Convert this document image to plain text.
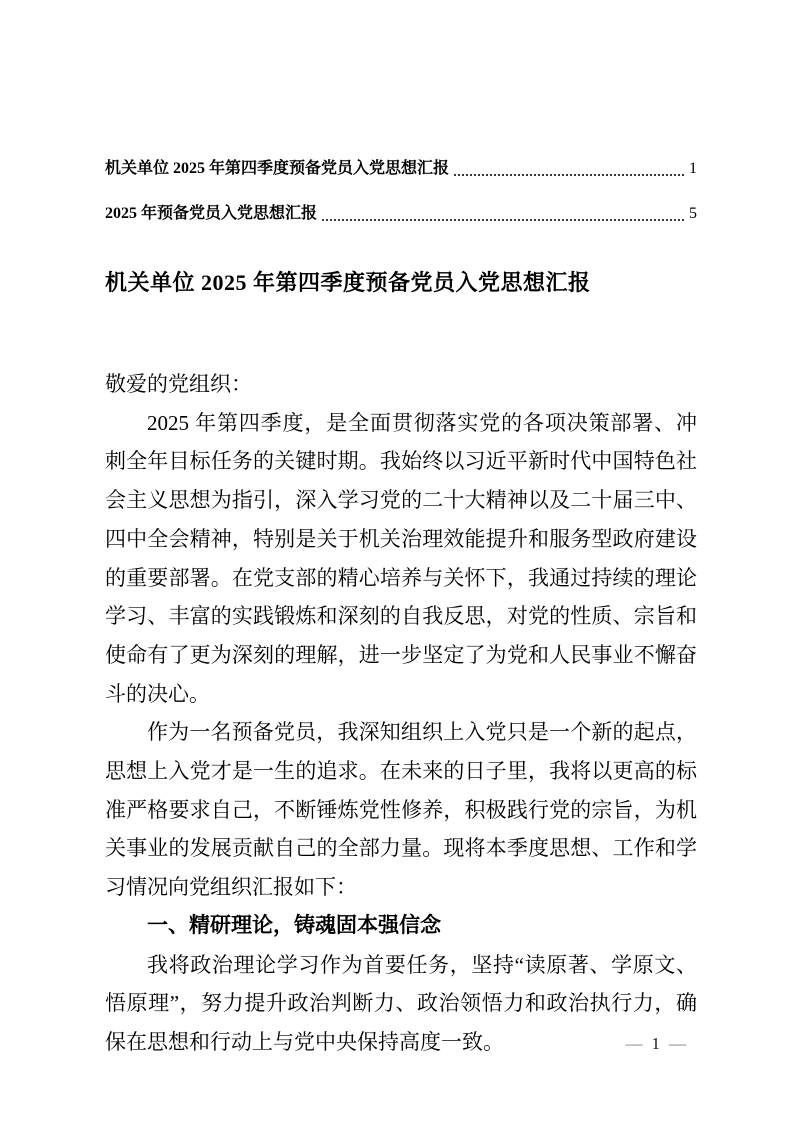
机关单位 2025 年第四季度预备党员入党思想汇报	1
2025 年预备党员入党思想汇报	5
机关单位 2025 年第四季度预备党员入党思想汇报

敬爱的党组织：

2025 年第四季度，是全面贯彻落实党的各项决策部署、冲刺全年目标任务的关键时期。我始终以习近平新时代中国特色社会主义思想为指引，深入学习党的二十大精神以及二十届三中、四中全会精神，特别是关于机关治理效能提升和服务型政府建设的重要部署。在党支部的精心培养与关怀下，我通过持续的理论学习、丰富的实践锻炼和深刻的自我反思，对党的性质、宗旨和使命有了更为深刻的理解，进一步坚定了为党和人民事业不懈奋斗的决心。

作为一名预备党员，我深知组织上入党只是一个新的起点，思想上入党才是一生的追求。在未来的日子里，我将以更高的标准严格要求自己，不断锤炼党性修养，积极践行党的宗旨，为机关事业的发展贡献自己的全部力量。现将本季度思想、工作和学习情况向党组织汇报如下：

一、精研理论，铸魂固本强信念

我将政治理论学习作为首要任务，坚持“读原著、学原文、悟原理”，努力提升政治判断力、政治领悟力和政治执行力，确保在思想和行动上与党中央保持高度一致。	— 1 —
